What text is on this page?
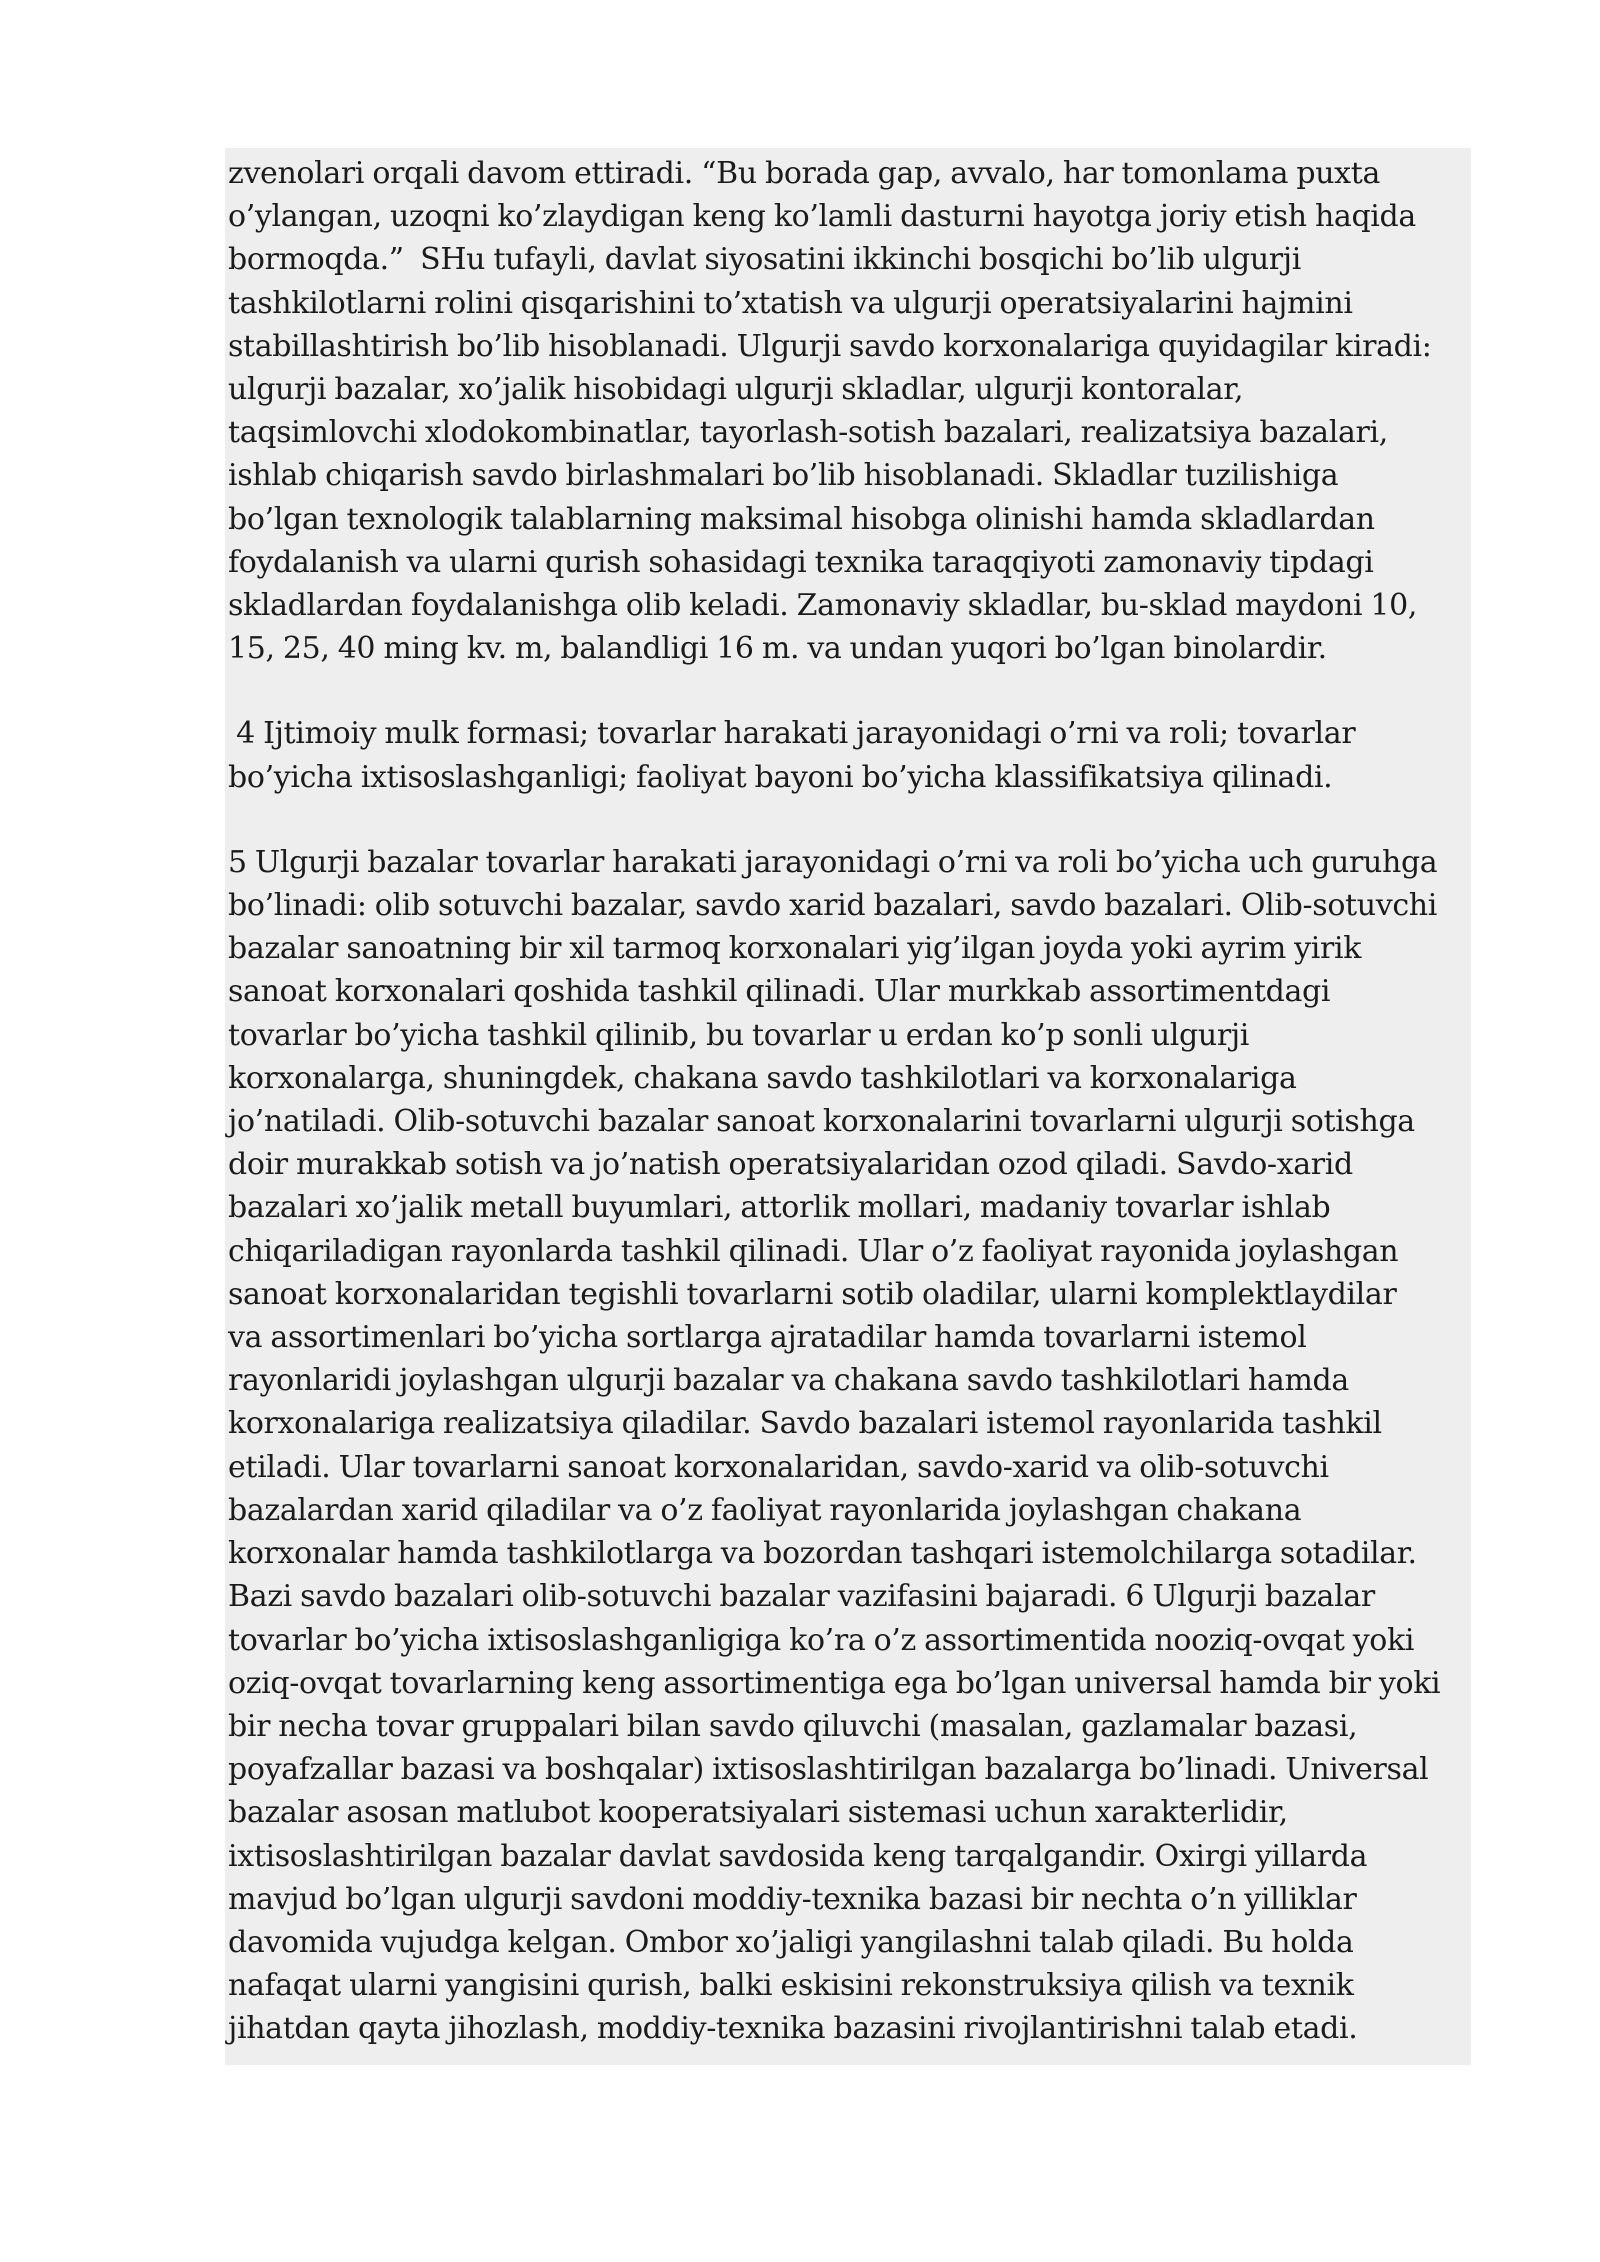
zvenolari orqali davom ettiradi. “Bu borada gap, avvalo, har tomonlama puxta
o’ylangan, uzoqni ko’zlaydigan keng ko’lamli dasturni hayotga joriy etish haqida
bormoqda.”  SHu tufayli, davlat siyosatini ikkinchi bosqichi bo’lib ulgurji
tashkilotlarni rolini qisqarishini to’xtatish va ulgurji operatsiyalarini hajmini
stabillashtirish bo’lib hisoblanadi. Ulgurji savdo korxonalariga quyidagilar kiradi:
ulgurji bazalar, xo’jalik hisobidagi ulgurji skladlar, ulgurji kontoralar,
taqsimlovchi xlodokombinatlar, tayorlash-sotish bazalari, realizatsiya bazalari,
ishlab chiqarish savdo birlashmalari bo’lib hisoblanadi. Skladlar tuzilishiga
bo’lgan texnologik talablarning maksimal hisobga olinishi hamda skladlardan
foydalanish va ularni qurish sohasidagi texnika taraqqiyoti zamonaviy tipdagi
skladlardan foydalanishga olib keladi. Zamonaviy skladlar, bu-sklad maydoni 10,
15, 25, 40 ming kv. m, balandligi 16 m. va undan yuqori bo’lgan binolardir.

4 Ijtimoiy mulk formasi; tovarlar harakati jarayonidagi o’rni va roli; tovarlar
bo’yicha ixtisoslashganligi; faoliyat bayoni bo’yicha klassifikatsiya qilinadi.

5 Ulgurji bazalar tovarlar harakati jarayonidagi o’rni va roli bo’yicha uch guruhga
bo’linadi: olib sotuvchi bazalar, savdo xarid bazalari, savdo bazalari. Olib-sotuvchi
bazalar sanoatning bir xil tarmoq korxonalari yig’ilgan joyda yoki ayrim yirik
sanoat korxonalari qoshida tashkil qilinadi. Ular murkkab assortimentdagi
tovarlar bo’yicha tashkil qilinib, bu tovarlar u erdan ko’p sonli ulgurji
korxonalarga, shuningdek, chakana savdo tashkilotlari va korxonalariga
jo’natiladi. Olib-sotuvchi bazalar sanoat korxonalarini tovarlarni ulgurji sotishga
doir murakkab sotish va jo’natish operatsiyalaridan ozod qiladi. Savdo-xarid
bazalari xo’jalik metall buyumlari, attorlik mollari, madaniy tovarlar ishlab
chiqariladigan rayonlarda tashkil qilinadi. Ular o’z faoliyat rayonida joylashgan
sanoat korxonalaridan tegishli tovarlarni sotib oladilar, ularni komplektlaydilar
va assortimenlari bo’yicha sortlarga ajratadilar hamda tovarlarni istemol
rayonlaridi joylashgan ulgurji bazalar va chakana savdo tashkilotlari hamda
korxonalariga realizatsiya qiladilar. Savdo bazalari istemol rayonlarida tashkil
etiladi. Ular tovarlarni sanoat korxonalaridan, savdo-xarid va olib-sotuvchi
bazalardan xarid qiladilar va o’z faoliyat rayonlarida joylashgan chakana
korxonalar hamda tashkilotlarga va bozordan tashqari istemolchilarga sotadilar.
Bazi savdo bazalari olib-sotuvchi bazalar vazifasini bajaradi. 6 Ulgurji bazalar
tovarlar bo’yicha ixtisoslashganligiga ko’ra o’z assortimentida nooziq-ovqat yoki
oziq-ovqat tovarlarning keng assortimentiga ega bo’lgan universal hamda bir yoki
bir necha tovar gruppalari bilan savdo qiluvchi (masalan, gazlamalar bazasi,
poyafzallar bazasi va boshqalar) ixtisoslashtirilgan bazalarga bo’linadi. Universal
bazalar asosan matlubot kooperatsiyalari sistemasi uchun xarakterlidir,
ixtisoslashtirilgan bazalar davlat savdosida keng tarqalgandir. Oxirgi yillarda
mavjud bo’lgan ulgurji savdoni moddiy-texnika bazasi bir nechta o’n yilliklar
davomida vujudga kelgan. Ombor xo’jaligi yangilashni talab qiladi. Bu holda
nafaqat ularni yangisini qurish, balki eskisini rekonstruksiya qilish va texnik
jihatdan qayta jihozlash, moddiy-texnika bazasini rivojlantirishni talab etadi.
